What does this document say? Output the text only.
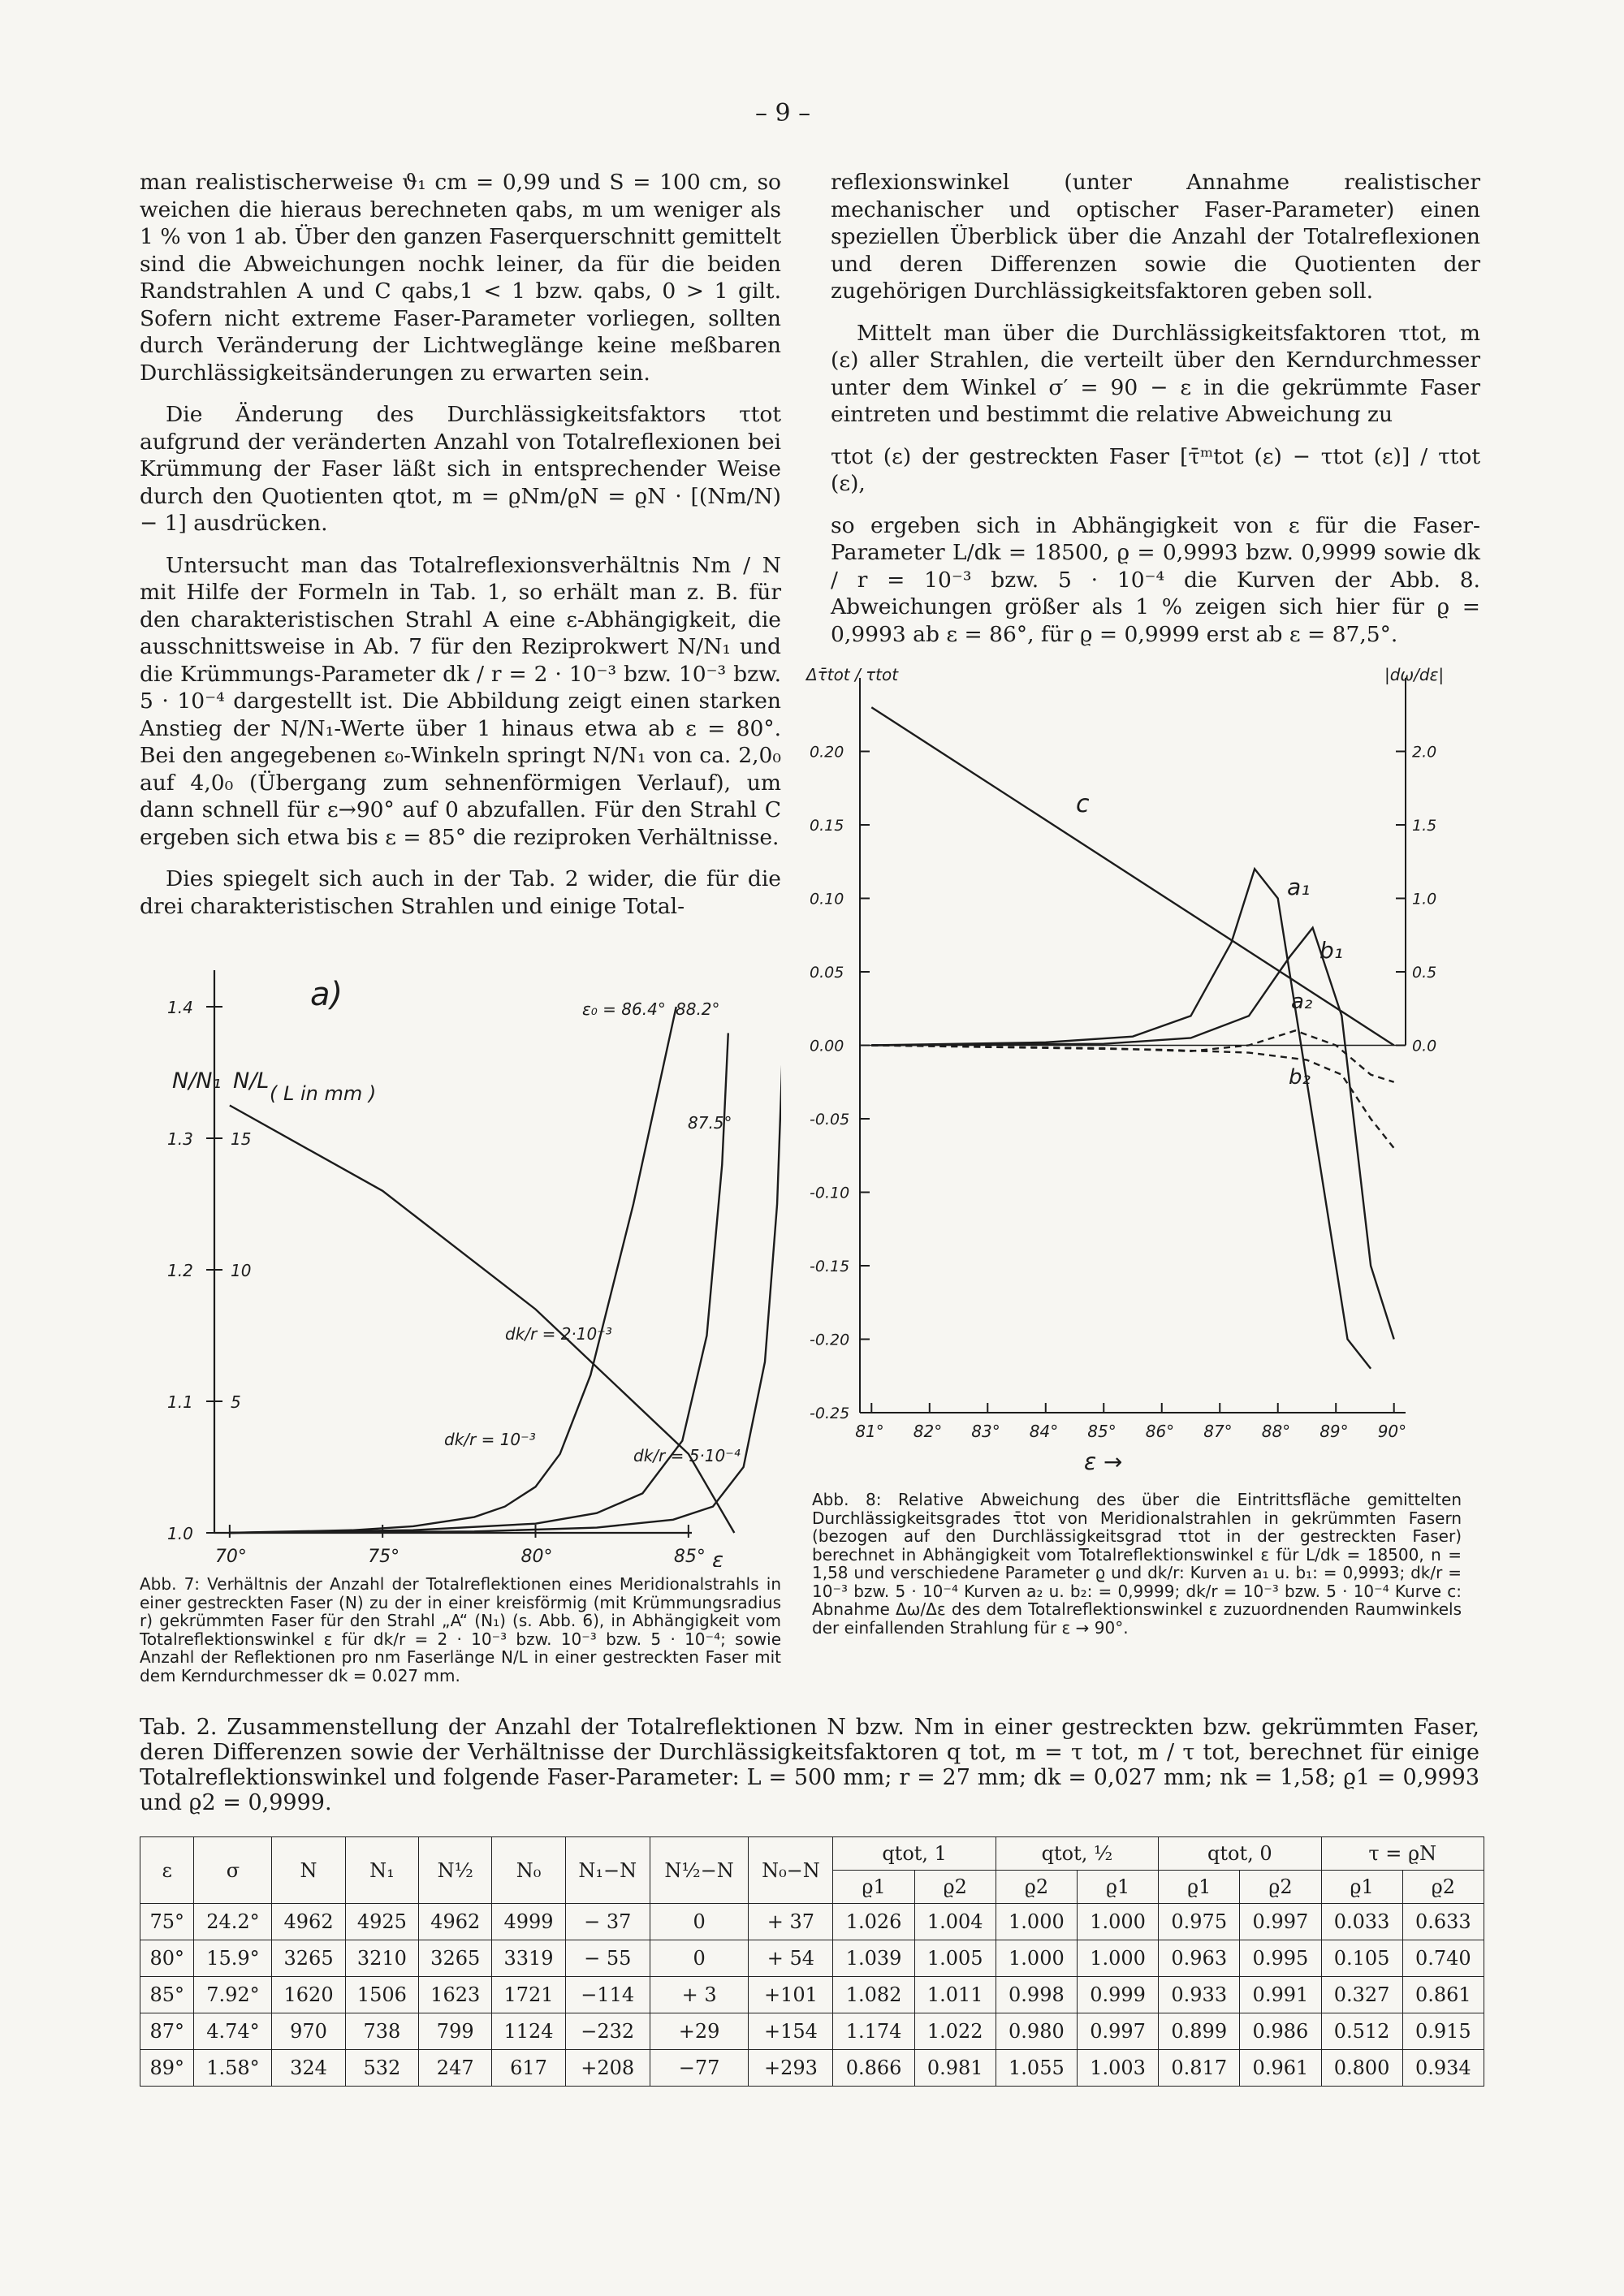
– 9 –

man realistischerweise ϑ₁ cm = 0,99 und S = 100 cm, so weichen die hieraus berechneten qabs, m um weniger als 1 % von 1 ab. Über den ganzen Faserquerschnitt gemittelt sind die Abweichungen nochk leiner, da für die beiden Randstrahlen A und C qabs,1 < 1 bzw. qabs, 0 > 1 gilt. Sofern nicht extreme Faser-Parameter vorliegen, sollten durch Veränderung der Lichtweglänge keine meßbaren Durchlässigkeitsänderungen zu erwarten sein.

Die Änderung des Durchlässigkeitsfaktors τtot aufgrund der veränderten Anzahl von Totalreflexionen bei Krümmung der Faser läßt sich in entsprechender Weise durch den Quotienten qtot, m = ϱNm/ϱN = ϱN · [(Nm/N) − 1] ausdrücken.

Untersucht man das Totalreflexionsverhältnis Nm / N mit Hilfe der Formeln in Tab. 1, so erhält man z. B. für den charakteristischen Strahl A eine ε-Abhängigkeit, die ausschnittsweise in Ab. 7 für den Reziprokwert N/N₁ und die Krümmungs-Parameter dk / r = 2 · 10⁻³ bzw. 10⁻³ bzw. 5 · 10⁻⁴ dargestellt ist. Die Abbildung zeigt einen starken Anstieg der N/N₁-Werte über 1 hinaus etwa ab ε = 80°. Bei den angegebenen ε₀-Winkeln springt N/N₁ von ca. 2,0₀ auf 4,0₀ (Übergang zum sehnenförmigen Verlauf), um dann schnell für ε→90° auf 0 abzufallen. Für den Strahl C ergeben sich etwa bis ε = 85° die reziproken Verhältnisse.

Dies spiegelt sich auch in der Tab. 2 wider, die für die drei charakteristischen Strahlen und einige Total-

reflexionswinkel (unter Annahme realistischer mechanischer und optischer Faser-Parameter) einen speziellen Überblick über die Anzahl der Totalreflexionen und deren Differenzen sowie die Quotienten der zugehörigen Durchlässigkeitsfaktoren geben soll.

Mittelt man über die Durchlässigkeitsfaktoren τtot, m (ε) aller Strahlen, die verteilt über den Kerndurchmesser unter dem Winkel σ′ = 90 − ε in die gekrümmte Faser eintreten und bestimmt die relative Abweichung zu

τtot (ε) der gestreckten Faser [τ̄ᵐtot (ε) − τtot (ε)] / τtot (ε),

so ergeben sich in Abhängigkeit von ε für die Faser-Parameter L/dk = 18500, ϱ = 0,9993 bzw. 0,9999 sowie dk / r = 10⁻³ bzw. 5 · 10⁻⁴ die Kurven der Abb. 8. Abweichungen größer als 1 % zeigen sich hier für ϱ = 0,9993 ab ε = 86°, für ϱ = 0,9999 erst ab ε = 87,5°.

1.0
1.1
1.2
1.3
1.4
5
10
15
70°	75°	80°	85°
a)
N/N₁ N/L ( L in mm )
ε₀ = 86.4° 88.2°
87.5°
dk/r = 2·10⁻³
dk/r = 10⁻³
dk/r = 5·10⁻⁴
ε
Abb. 7: Verhältnis der Anzahl der Totalreflektionen eines Meridionalstrahls in einer gestreckten Faser (N) zu der in einer kreisförmig (mit Krümmungsradius r) gekrümmten Faser für den Strahl „A“ (N₁) (s. Abb. 6), in Abhängigkeit vom Totalreflektionswinkel ε für dk/r = 2 · 10⁻³ bzw. 10⁻³ bzw. 5 · 10⁻⁴; sowie Anzahl der Reflektionen pro nm Faserlänge N/L in einer gestreckten Faser mit dem Kerndurchmesser dk = 0.027 mm.
0.20
0.15
0.10
0.05
0.00
-0.05
-0.10
-0.15
-0.20
-0.25
2.0
1.5
1.0
0.5
0.0
81° 82° 83° 84° 85° 86° 87° 88° 89° 90°
Δτ̄tot / τtot	|dω/dε|
ε →
c
a₁
b₁
a₂
b₂
Abb. 8: Relative Abweichung des über die Eintrittsfläche gemittelten Durchlässigkeitsgrades τ̄tot von Meridionalstrahlen in gekrümmten Fasern (bezogen auf den Durchlässigkeitsgrad τtot in der gestreckten Faser) berechnet in Abhängigkeit vom Totalreflektionswinkel ε für L/dk = 18500, n = 1,58 und verschiedene Parameter ϱ und dk/r: Kurven a₁ u. b₁: = 0,9993; dk/r = 10⁻³ bzw. 5 · 10⁻⁴ Kurven a₂ u. b₂: = 0,9999; dk/r = 10⁻³ bzw. 5 · 10⁻⁴ Kurve c: Abnahme Δω/Δε des dem Totalreflektionswinkel ε zuzuordnenden Raumwinkels der einfallenden Strahlung für ε → 90°.
Tab. 2. Zusammenstellung der Anzahl der Totalreflektionen N bzw. Nm in einer gestreckten bzw. gekrümmten Faser, deren Differenzen sowie der Verhältnisse der Durchlässigkeitsfaktoren q tot, m = τ tot, m / τ tot, berechnet für einige Totalreflektionswinkel und folgende Faser-Parameter: L = 500 mm; r = 27 mm; dk = 0,027 mm; nk = 1,58; ϱ1 = 0,9993 und ϱ2 = 0,9999.
ε	σ	N	N₁	N½	N₀	N₁−N	N½−N	N₀−N	qtot, 1		qtot, ½		qtot, 0		τ = ϱN	
									ϱ1	ϱ2	ϱ2	ϱ1	ϱ1	ϱ2	ϱ1	ϱ2
75°	24.2°	4962	4925	4962	4999	− 37	0	+ 37	1.026	1.004	1.000	1.000	0.975	0.997	0.033	0.633
80°	15.9°	3265	3210	3265	3319	− 55	0	+ 54	1.039	1.005	1.000	1.000	0.963	0.995	0.105	0.740
85°	7.92°	1620	1506	1623	1721	−114	+ 3	+101	1.082	1.011	0.998	0.999	0.933	0.991	0.327	0.861
87°	4.74°	970	738	799	1124	−232	+29	+154	1.174	1.022	0.980	0.997	0.899	0.986	0.512	0.915
89°	1.58°	324	532	247	617	+208	−77	+293	0.866	0.981	1.055	1.003	0.817	0.961	0.800	0.934
